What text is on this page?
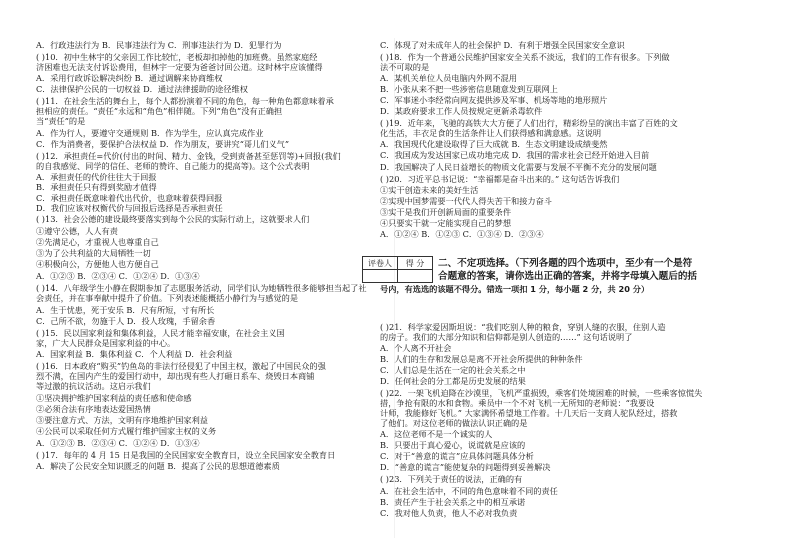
A．行政违法行为 B．民事违法行为 C．刑事违法行为 D．犯罪行为
( )10．初中生林宇的父亲因工作比较忙，老板却扣掉他的加班费。虽然家庭经
济困难也无法支付诉讼费用，但林宇一定要为爸爸讨回公道。这时林宇应该懂得
A．采用行政诉讼解决纠纷 B．通过调解来协商维权
C．法律保护公民的一切权益 D．通过法律援助的途径维权
( )11．在社会生活的舞台上，每个人都扮演着不同的角色，每一种角色都意味着承
担相应的责任。“责任”永远和“角色”相伴随。下列“角色”没有正确担
当“责任”的是
A．作为行人，要遵守交通规则 B．作为学生，应认真完成作业
C．作为消费者，要保护合法权益 D．作为朋友，要讲究“哥儿们义气”
( )12．承担责任=代价(付出的时间、精力、金钱，受到责备甚至惩罚等)+回报(我们
的自我感觉、同学的信任、老师的赞许、自己能力的提高等)。这个公式表明
A．承担责任的代价往往大于回报
B．承担责任只有得到奖励才值得
C．承担责任既意味着代出代价，也意味着获得回报
D．我们应该对权衡代价与回报后选择是否承担责任
( )13．社会公德的建设最终要落实到每个公民的实际行动上，这就要求人们
①遵守公德，人人有责
②先满足心，才重视人也尊重自己
③为了公共利益的大局牺牲一切
④积极向公，方便他人也方便自己
A．①②③ B．②③④ C．①②④ D．①③④
( )14．八年级学生小静在假期参加了志愿服务活动，同学们认为她牺牲很多能够担当起了社
会责任，并在事奉献中提升了价值。下列表述能概括小静行为与感觉的是
A．生于忧患，死于安乐 B．尺有所短，寸有所长
C．己所不欲，勿施于人 D．投人玫瑰，手留余香
( )15．民以国家利益和集体利益，人民才能幸福安康，在社会主义国
家，广大人民群众是国家利益的中心。
A．国家利益 B．集体利益 C．个人利益 D．社会利益
( )16．日本政府“购买”钓鱼岛的非法行径侵犯了中国主权，激起了中国民众的强
烈不满，在国内产生的爱国行动中，却出现有些人打砸日系车、烧毁日本商铺
等过激的抗议活动。这启示我们
①坚决拥护维护国家利益的责任感和使命感
②必须合法有序地表达爱国热情
③要注意方式、方法，文明有序地维护国家利益
④公民可以采取任何方式履行维护国家主权的义务
A．①②③ B．②③④ C．①②④ D．①③④
( )17．每年的 4 月 15 日是我国的全民国家安全教育日，设立全民国家安全教育日
A．解决了公民安全知识匮乏的问题 B．提高了公民的思想道德素质
C．体现了对未成年人的社会保护 D．有利于增强全民国家安全意识
( )18．作为一个普通公民维护国家安全关系不淡远，我们的工作有很多。下列做
法不可取的是
A．某机关单位人员电脑内外网不混用
B．小张从来不把一些涉密信息随意发到互联网上
C．军事迷小李经常向网友提供涉及军事、机场等地的地形照片
D．某政府要求工作人员按规定更新杀毒软件
( )19．近年来，飞驰的高铁大大方便了人们出行，精彩纷呈的演出丰富了百姓的文
化生活，丰衣足食的生活条件让人们获得感和满意感。这说明
A．我国现代化建设取得了巨大成就 B．生态文明建设成绩斐然
C．我国成为发达国家已成功地完成 D．我国的需求社会已经开始进入目前
D．我国解决了人民日益增长的物质文化需要与发展不平衡不充分的发展问题
( )20．习近平总书记说：“幸福都是奋斗出来的。” 这句话告诉我们
①实干创造未来的美好生活
②实现中国梦需要一代代人得失苦干和接力奋斗
③实干是我们开创新局面的重要条件
④只要实干就一定能实现自己的梦想
A．①②④ B．①②③ C．①③④ D．②③④
( )21．科学家爱因斯坦说：“我们吃别人种的粮食，穿别人缝的衣服，住别人造
的房子。我们的大部分知识和信仰都是别人创造的……” 这句话说明了
A．个人离不开社会
B．人们的生存和发展总是离不开社会所提供的种种条件
C．人们总是生活在一定的社会关系之中
D．任何社会的分工都是历史发展的结果
( )22．一架飞机迫降在沙漠里，飞机严重损毁，乘客们处境困难的时候，一些乘客惊慌失
措，争抢有限的水和食物。乘员中一个不对飞机一无所知的老师说：“我要设
计师，我能修好飞机。” 大家满怀希望地工作着。十几天后一支商人驼队经过，搭救
了他们。对这位老师的做法认识正确的是
A．这位老师不是一个诚实的人
B．只要出于真心爱心，说谎就是应该的
C．对于“善意的谎言”应具体问题具体分析
D．“善意的谎言”能使复杂的问题得到妥善解决
( )23．下列关于责任的说法，正确的有
A．在社会生活中，不同的角色意味着不同的责任
B．责任产生于社会关系之中的相互承诺
C．我对他人负责，他人不必对我负责
评卷人	得 分
	二、不定项选择。（下列各题的四个选项中，至少有一个是符
合题意的答案，请你选出正确的答案，并将字母填入题后的括
号内，有选选的该题不得分。错选一项扣 1 分，每小题 2 分，共 20 分）
